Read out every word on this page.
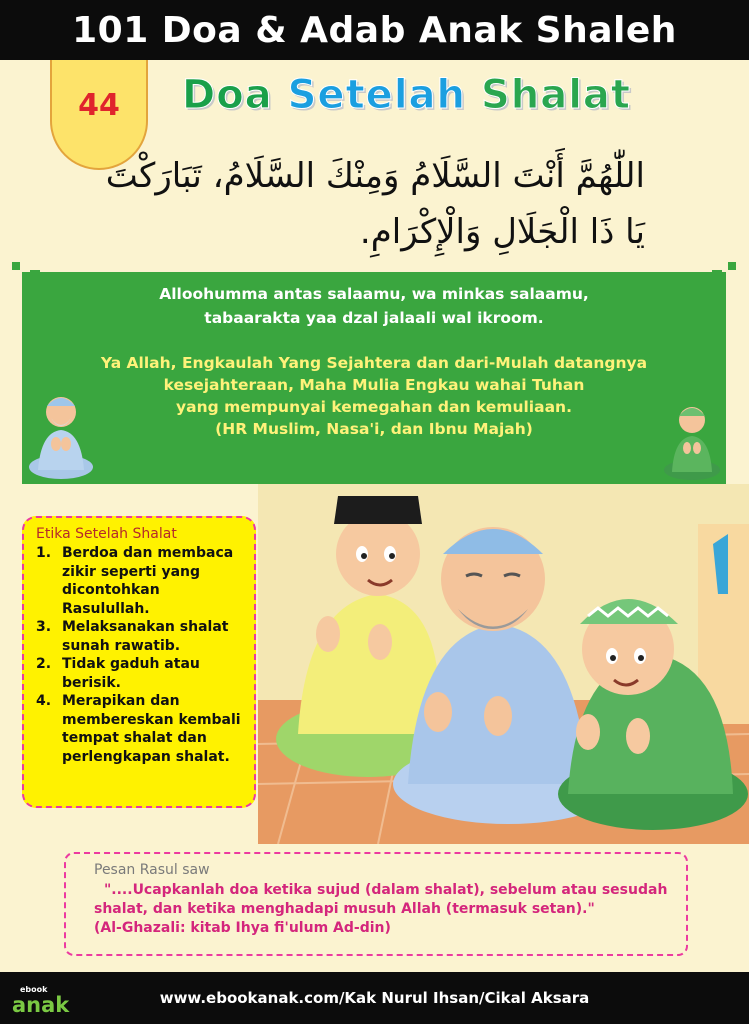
101 Doa & Adab Anak Shaleh
44 Doa Setelah Shalat
اللّٰهُمَّ أَنْتَ السَّلَامُ وَمِنْكَ السَّلَامُ، تَبَارَكْتَ يَا ذَا الْجَلَالِ وَالْإِكْرَامِ.
Alloohumma antas salaamu, wa minkas salaamu,
tabaarakta yaa dzal jalaali wal ikroom.
Ya Allah, Engkaulah Yang Sejahtera dan dari-Mulah datangnya
kesejahteraan, Maha Mulia Engkau wahai Tuhan
yang mempunyai kemegahan dan kemuliaan.
(HR Muslim, Nasa'i, dan Ibnu Majah)
Etika Setelah Shalat
1. Berdoa dan membaca zikir seperti yang dicontohkan Rasulullah.
3. Melaksanakan shalat sunah rawatib.
2. Tidak gaduh atau berisik.
4. Merapikan dan membereskan kembali tempat shalat dan perlengkapan shalat.
Pesan Rasul saw
"....Ucapkanlah doa ketika sujud (dalam shalat), sebelum atau sesudah
shalat, dan ketika menghadapi musuh Allah (termasuk setan)."
(Al-Ghazali: kitab Ihya fi'ulum Ad-din)
www.ebookanak.com/Kak Nurul Ihsan/Cikal Aksara
ebook
anak
